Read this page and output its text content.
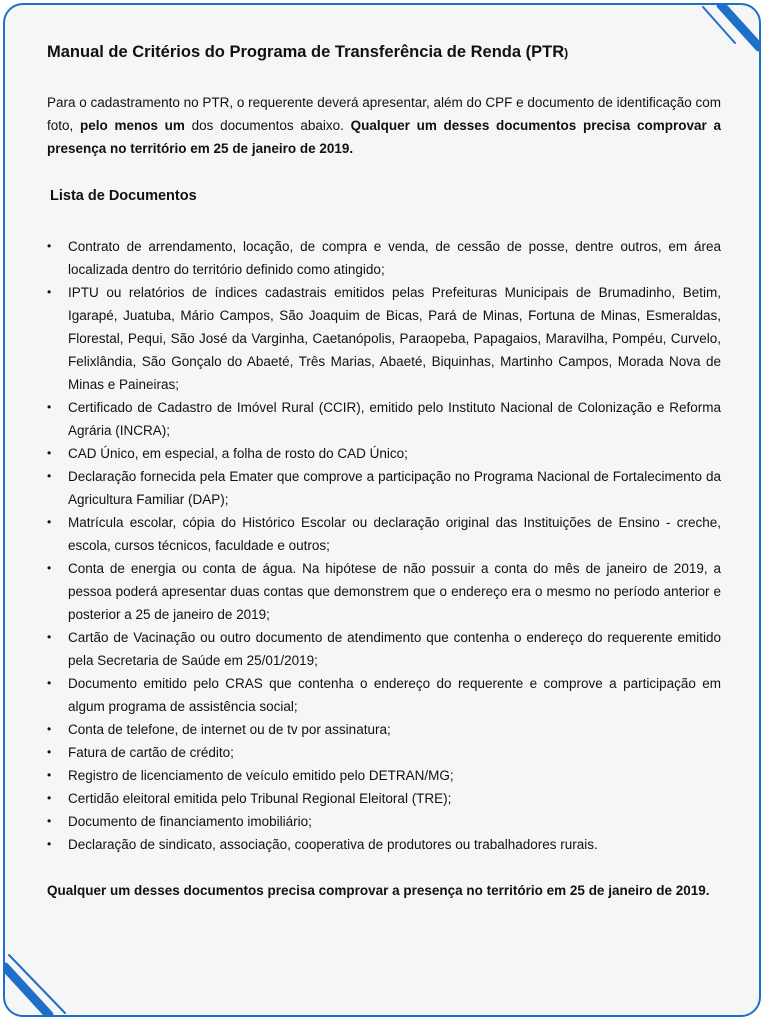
Manual de Critérios do Programa de Transferência de Renda (PTR)

Para o cadastramento no PTR, o requerente deverá apresentar, além do CPF e documento de identificação com foto, pelo menos um dos documentos abaixo. Qualquer um desses documentos precisa comprovar a presença no território em 25 de janeiro de 2019.

Lista de Documentos
• Contrato de arrendamento, locação, de compra e venda, de cessão de posse, dentre outros, em área localizada dentro do território definido como atingido;
• IPTU ou relatórios de índices cadastrais emitidos pelas Prefeituras Municipais de Brumadinho, Betim, Igarapé, Juatuba, Mário Campos, São Joaquim de Bicas, Pará de Minas, Fortuna de Minas, Esmeraldas, Florestal, Pequi, São José da Varginha, Caetanópolis, Paraopeba, Papagaios, Maravilha, Pompéu, Curvelo, Felixlândia, São Gonçalo do Abaeté, Três Marias, Abaeté, Biquinhas, Martinho Campos, Morada Nova de Minas e Paineiras;
• Certificado de Cadastro de Imóvel Rural (CCIR), emitido pelo Instituto Nacional de Colonização e Reforma Agrária (INCRA);
• CAD Único, em especial, a folha de rosto do CAD Único;
• Declaração fornecida pela Emater que comprove a participação no Programa Nacional de Fortalecimento da Agricultura Familiar (DAP);
• Matrícula escolar, cópia do Histórico Escolar ou declaração original das Instituições de Ensino - creche, escola, cursos técnicos, faculdade e outros;
• Conta de energia ou conta de água. Na hipótese de não possuir a conta do mês de janeiro de 2019, a pessoa poderá apresentar duas contas que demonstrem que o endereço era o mesmo no período anterior e posterior a 25 de janeiro de 2019;
• Cartão de Vacinação ou outro documento de atendimento que contenha o endereço do requerente emitido pela Secretaria de Saúde em 25/01/2019;
• Documento emitido pelo CRAS que contenha o endereço do requerente e comprove a participação em algum programa de assistência social;
• Conta de telefone, de internet ou de tv por assinatura;
• Fatura de cartão de crédito;
• Registro de licenciamento de veículo emitido pelo DETRAN/MG;
• Certidão eleitoral emitida pelo Tribunal Regional Eleitoral (TRE);
• Documento de financiamento imobiliário;
• Declaração de sindicato, associação, cooperativa de produtores ou trabalhadores rurais.

Qualquer um desses documentos precisa comprovar a presença no território em 25 de janeiro de 2019.
